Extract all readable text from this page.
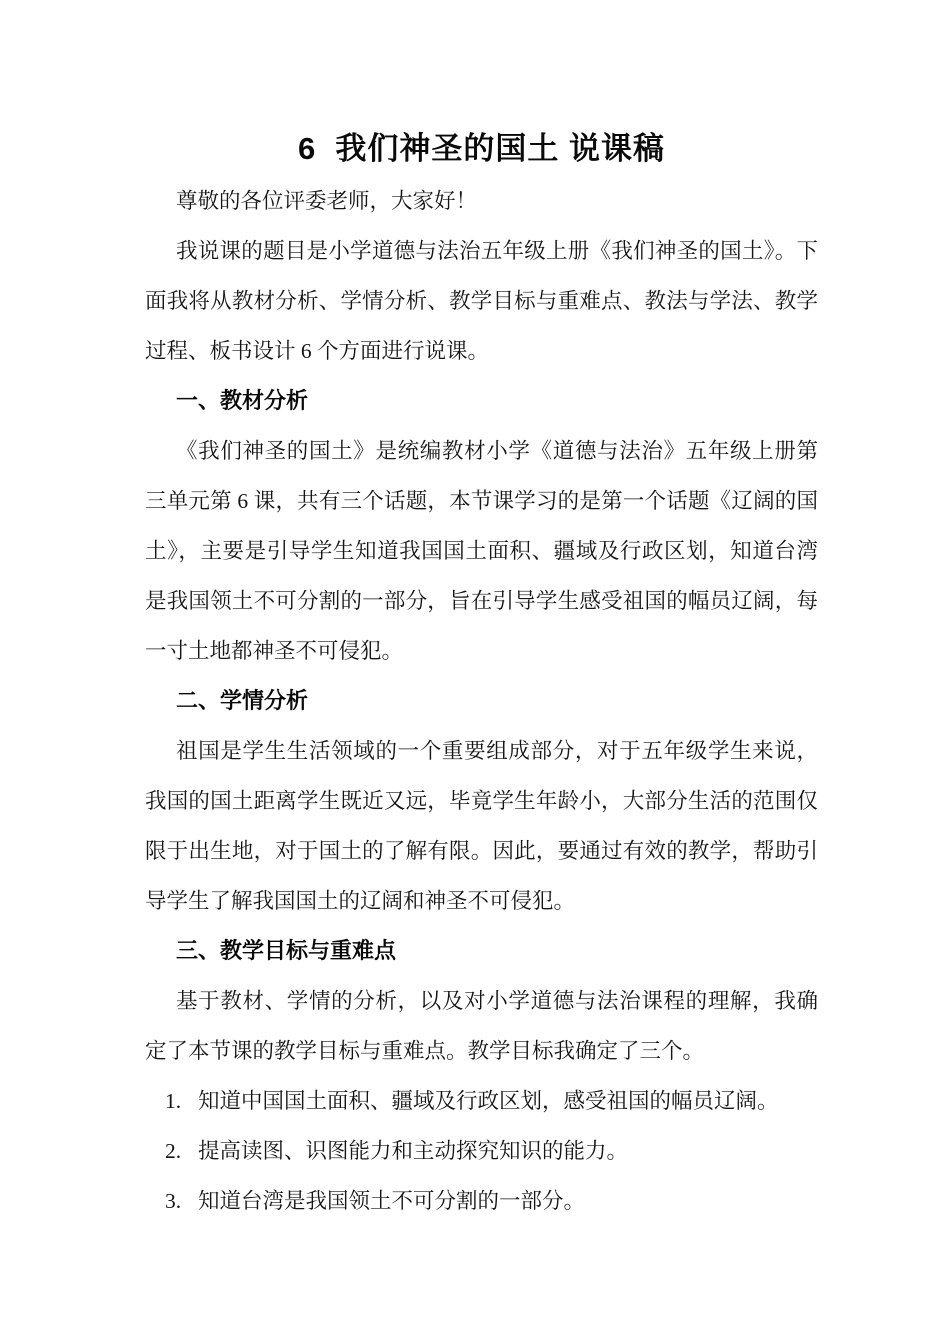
6  我们神圣的国土 说课稿

尊敬的各位评委老师，大家好！

我说课的题目是小学道德与法治五年级上册《我们神圣的国土》。下面我将从教材分析、学情分析、教学目标与重难点、教法与学法、教学过程、板书设计 6 个方面进行说课。

一、教材分析

《我们神圣的国土》是统编教材小学《道德与法治》五年级上册第三单元第 6 课，共有三个话题，本节课学习的是第一个话题《辽阔的国土》，主要是引导学生知道我国国土面积、疆域及行政区划，知道台湾是我国领土不可分割的一部分，旨在引导学生感受祖国的幅员辽阔，每一寸土地都神圣不可侵犯。

二、学情分析

祖国是学生生活领域的一个重要组成部分，对于五年级学生来说，我国的国土距离学生既近又远，毕竟学生年龄小，大部分生活的范围仅限于出生地，对于国土的了解有限。因此，要通过有效的教学，帮助引导学生了解我国国土的辽阔和神圣不可侵犯。

三、教学目标与重难点

基于教材、学情的分析，以及对小学道德与法治课程的理解，我确定了本节课的教学目标与重难点。教学目标我确定了三个。

1. 知道中国国土面积、疆域及行政区划，感受祖国的幅员辽阔。
2. 提高读图、识图能力和主动探究知识的能力。
3. 知道台湾是我国领土不可分割的一部分。
